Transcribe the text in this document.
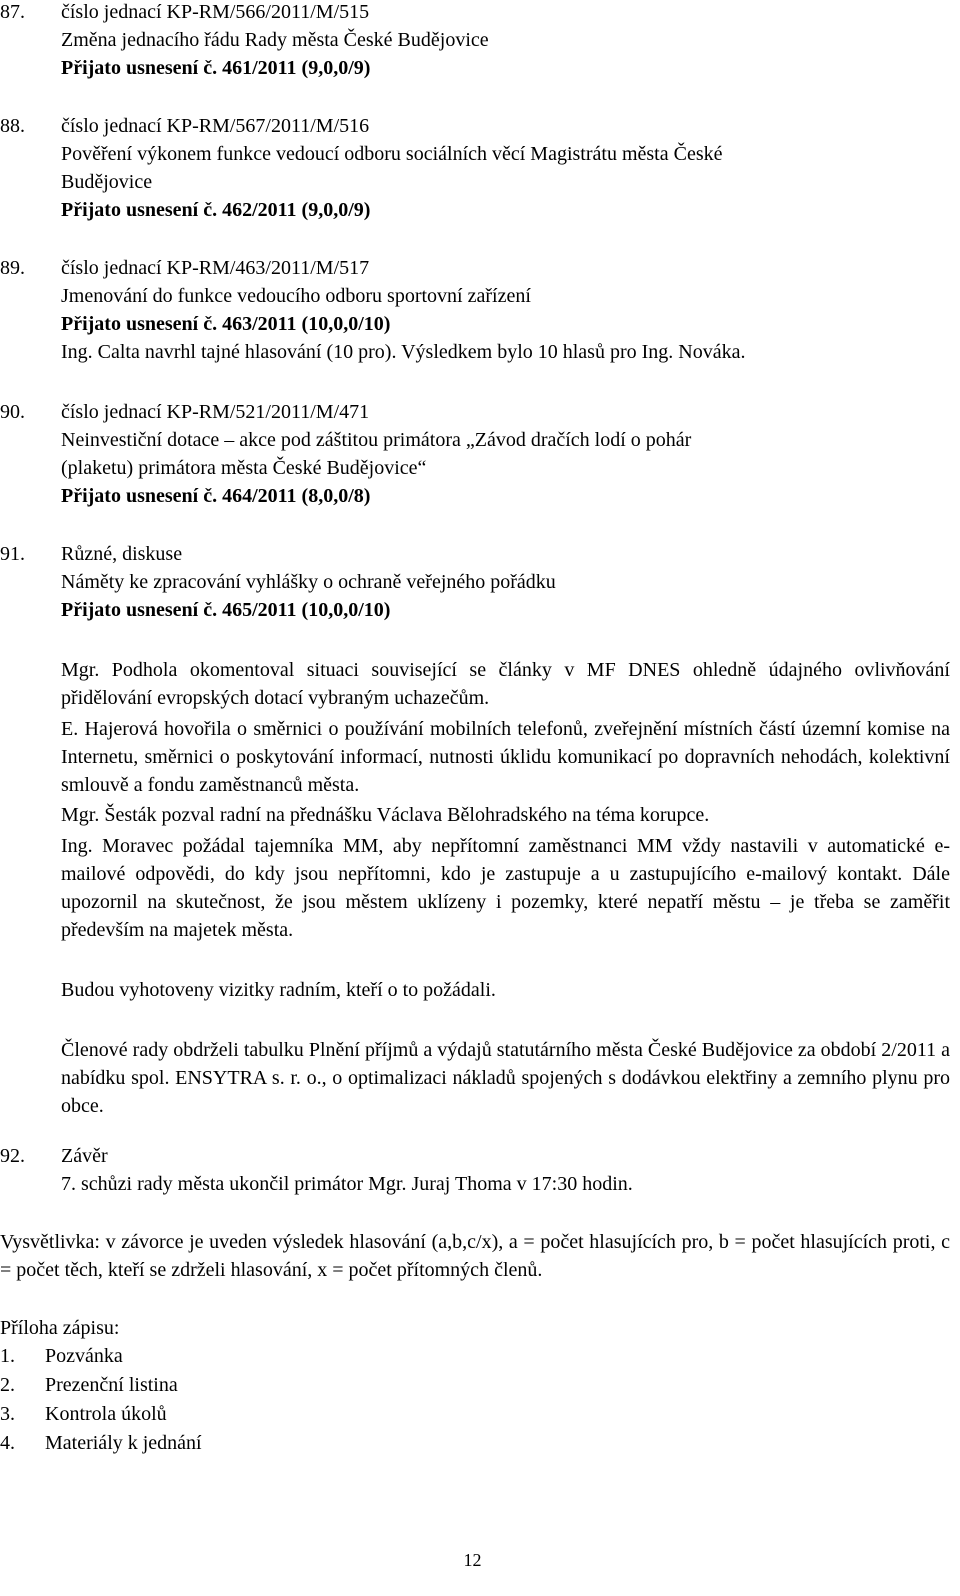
87.	číslo jednací KP-RM/566/2011/M/515

Změna jednacího řádu Rady města České Budějovice

Přijato usnesení č. 461/2011 (9,0,0/9)

88.	číslo jednací KP-RM/567/2011/M/516

Pověření výkonem funkce vedoucí odboru sociálních věcí Magistrátu města České

Budějovice

Přijato usnesení č. 462/2011 (9,0,0/9)

89.	číslo jednací KP-RM/463/2011/M/517

Jmenování do funkce vedoucího odboru sportovní zařízení

Přijato usnesení č. 463/2011 (10,0,0/10)

Ing. Calta navrhl tajné hlasování (10 pro). Výsledkem bylo 10 hlasů pro Ing. Nováka.

90.	číslo jednací KP-RM/521/2011/M/471

Neinvestiční dotace – akce pod záštitou primátora „Závod dračích lodí o pohár

(plaketu) primátora města České Budějovice“

Přijato usnesení č. 464/2011 (8,0,0/8)

91.	Různé, diskuse

Náměty ke zpracování vyhlášky o ochraně veřejného pořádku

Přijato usnesení č. 465/2011 (10,0,0/10)

Mgr. Podhola okomentoval situaci související se články v MF DNES ohledně údajného ovlivňování přidělování evropských dotací vybraným uchazečům.

E. Hajerová hovořila o směrnici o používání mobilních telefonů, zveřejnění místních částí územní komise na Internetu, směrnici o poskytování informací, nutnosti úklidu komunikací po dopravních nehodách, kolektivní smlouvě a fondu zaměstnanců města.

Mgr. Šesták pozval radní na přednášku Václava Bělohradského na téma korupce.

Ing. Moravec požádal tajemníka MM, aby nepřítomní zaměstnanci MM vždy nastavili v automatické e-mailové odpovědi, do kdy jsou nepřítomni, kdo je zastupuje a u zastupujícího e-mailový kontakt. Dále upozornil na skutečnost, že jsou městem uklízeny i pozemky, které nepatří městu – je třeba se zaměřit především na majetek města.

Budou vyhotoveny vizitky radním, kteří o to požádali.

Členové rady obdrželi tabulku Plnění příjmů a výdajů statutárního města České Budějovice za období 2/2011 a nabídku spol. ENSYTRA s. r. o., o optimalizaci nákladů spojených s dodávkou elektřiny a zemního plynu pro obce.

92.	Závěr

7. schůzi rady města ukončil primátor Mgr. Juraj Thoma v 17:30 hodin.

Vysvětlivka: v závorce je uveden výsledek hlasování (a,b,c/x), a = počet hlasujících pro, b = počet hlasujících proti, c = počet těch, kteří se zdrželi hlasování, x = počet přítomných členů.

Příloha zápisu:

1. Pozvánka
2. Prezenční listina
3. Kontrola úkolů
4. Materiály k jednání
12
